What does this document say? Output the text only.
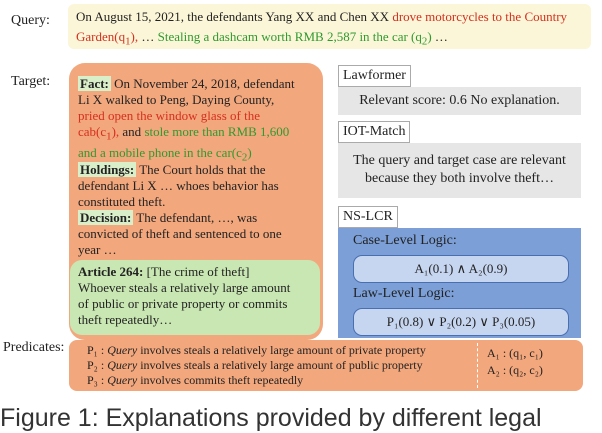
Query:
Target:
Predicates:
On August 15, 2021, the defendants Yang XX and Chen XX drove motorcycles to the Country
$Garden(q_1)$, … Stealing a dashcam worth RMB 2,587 in the car $(q_2)$ …
Fact: On November 24, 2018, defendant
Li X walked to Peng, Daying County,
pried open the window glass of the
$cab(c_1)$, and stole more than RMB 1,600
and a mobile phone in the $car(c_2)$
Holdings: The Court holds that the
defendant Li X … whoes behavior has
constituted theft.
Decision: The defendant, …, was
convicted of theft and sentenced to one
year …
Article 264: [The crime of theft]
Whoever steals a relatively large amount
of public or private property or commits
theft repeatedly…
Lawformer
Relevant score: 0.6 No explanation.
IOT-Match
The query and target case are relevant
because they both involve theft…
NS-LCR
Case-Level Logic:
A₁(0.1) ∧ A₂(0.9)
Law-Level Logic:
P₁(0.8) ∨ P₂(0.2) ∨ P₃(0.05)
P₁ : Query involves steals a relatively large amount of private property
P₂ : Query involves steals a relatively large amount of public property
P₃ : Query involves commits theft repeatedly
A₁ : (q₁, c₁)
A₂ : (q₂, c₂)
Figure 1: Explanations provided by different legal
